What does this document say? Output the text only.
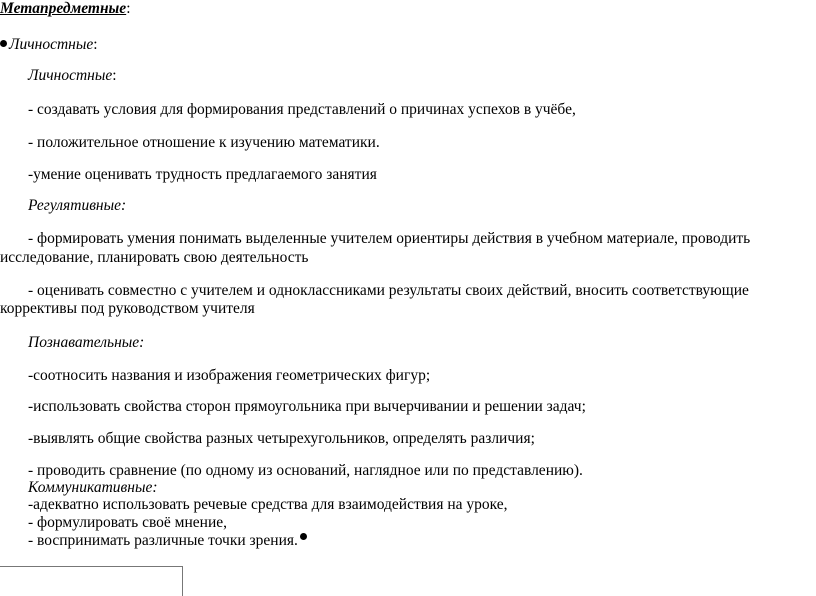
Метапредметные:
Личностные:
Личностные:
- создавать условия для формирования представлений о причинах успехов в учёбе,
- положительное отношение к изучению математики.
-умение оценивать трудность предлагаемого занятия
Регулятивные:
- формировать умения понимать выделенные учителем ориентиры действия в учебном материале, проводить
исследование, планировать свою деятельность
- оценивать совместно с учителем и одноклассниками результаты своих действий, вносить соответствующие
коррективы под руководством учителя
Познавательные:
-соотносить названия и изображения геометрических фигур;
-использовать свойства сторон прямоугольника при вычерчивании и решении задач;
-выявлять общие свойства разных четырехугольников, определять различия;
- проводить сравнение (по одному из оснований, наглядное или по представлению).
Коммуникативные:
-адекватно использовать речевые средства для взаимодействия на уроке,
- формулировать своё мнение,
- воспринимать различные точки зрения.
